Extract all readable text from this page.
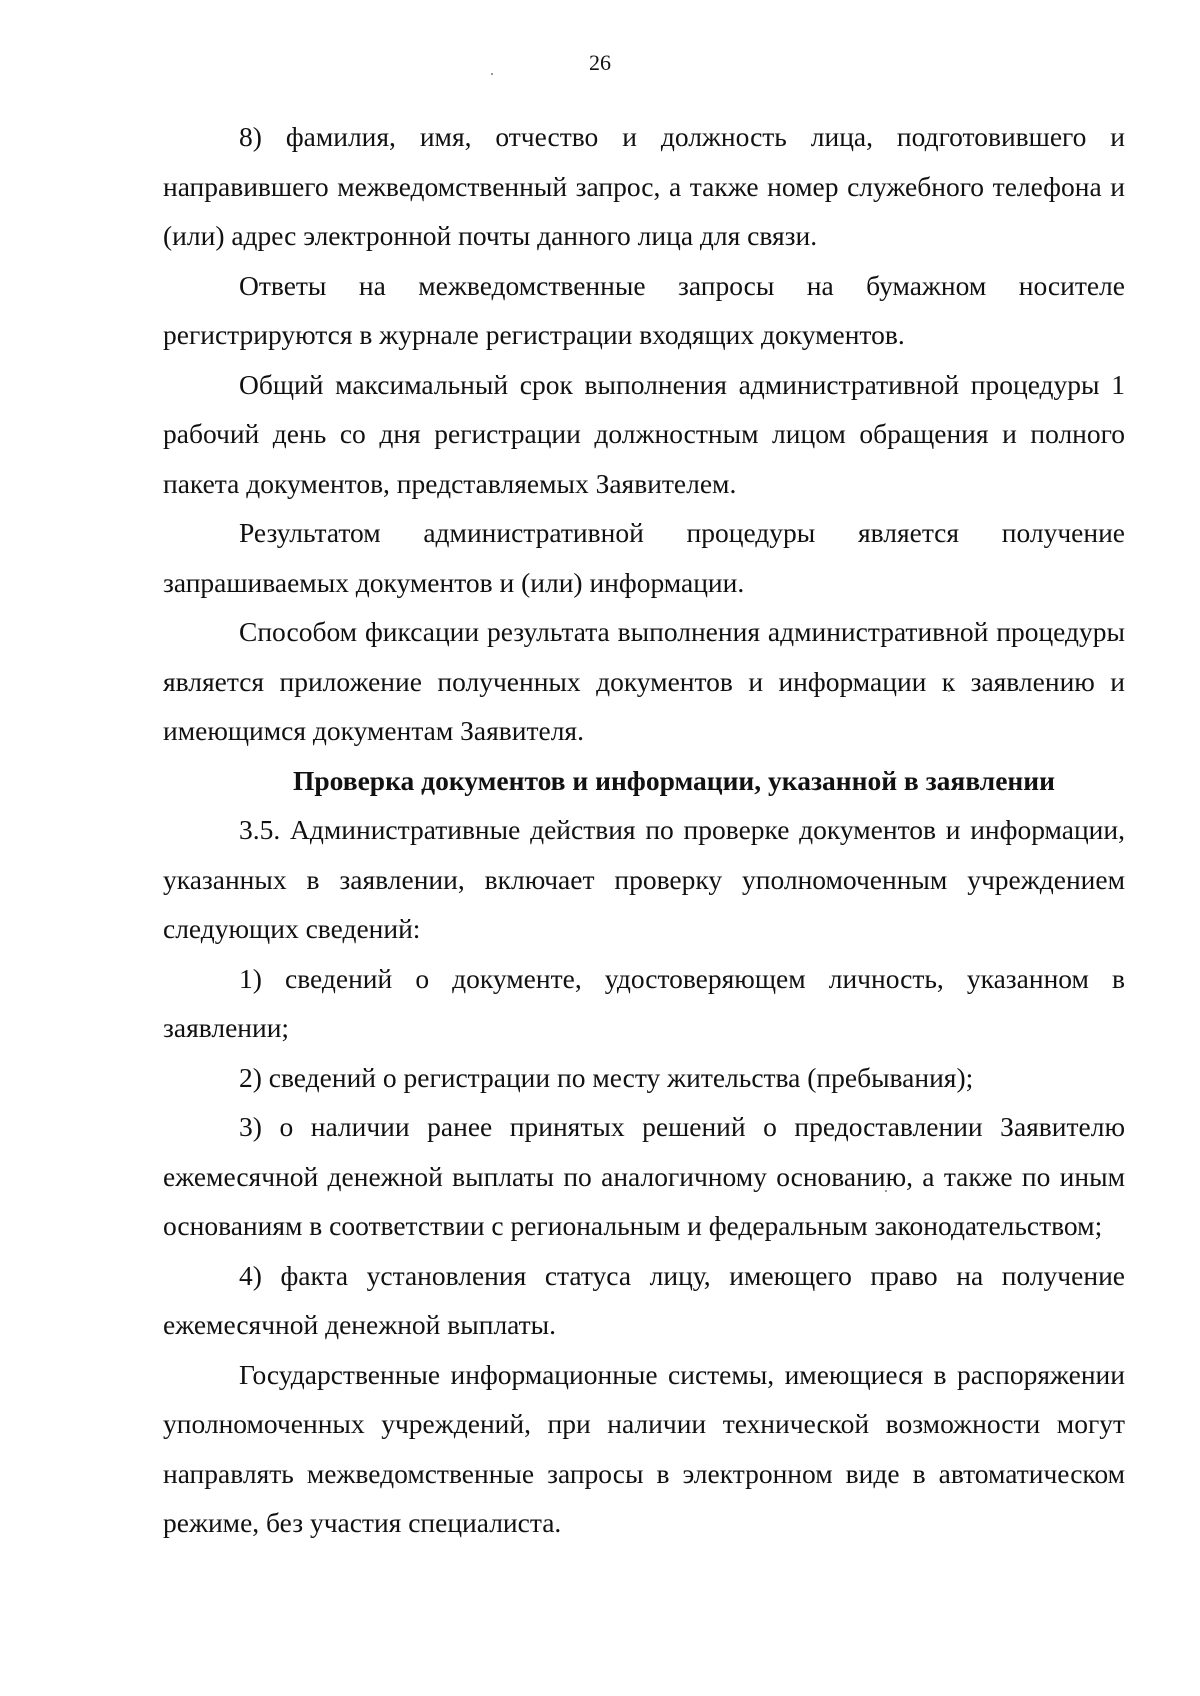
26

8) фамилия, имя, отчество и должность лица, подготовившего и направившего межведомственный запрос, а также номер служебного телефона и (или) адрес электронной почты данного лица для связи.

Ответы на межведомственные запросы на бумажном носителе регистрируются в журнале регистрации входящих документов.

Общий максимальный срок выполнения административной процедуры 1 рабочий день со дня регистрации должностным лицом обращения и полного пакета документов, представляемых Заявителем.

Результатом административной процедуры является получение запрашиваемых документов и (или) информации.

Способом фиксации результата выполнения административной процедуры является приложение полученных документов и информации к заявлению и имеющимся документам Заявителя.

Проверка документов и информации, указанной в заявлении

3.5. Административные действия по проверке документов и информации, указанных в заявлении, включает проверку уполномоченным учреждением следующих сведений:

1) сведений о документе, удостоверяющем личность, указанном в заявлении;

2) сведений о регистрации по месту жительства (пребывания);

3) о наличии ранее принятых решений о предоставлении Заявителю ежемесячной денежной выплаты по аналогичному основанию, а также по иным основаниям в соответствии с региональным и федеральным законодательством;

4) факта установления статуса лицу, имеющего право на получение ежемесячной денежной выплаты.

Государственные информационные системы, имеющиеся в распоряжении уполномоченных учреждений, при наличии технической возможности могут направлять межведомственные запросы в электронном виде в автоматическом режиме, без участия специалиста.
